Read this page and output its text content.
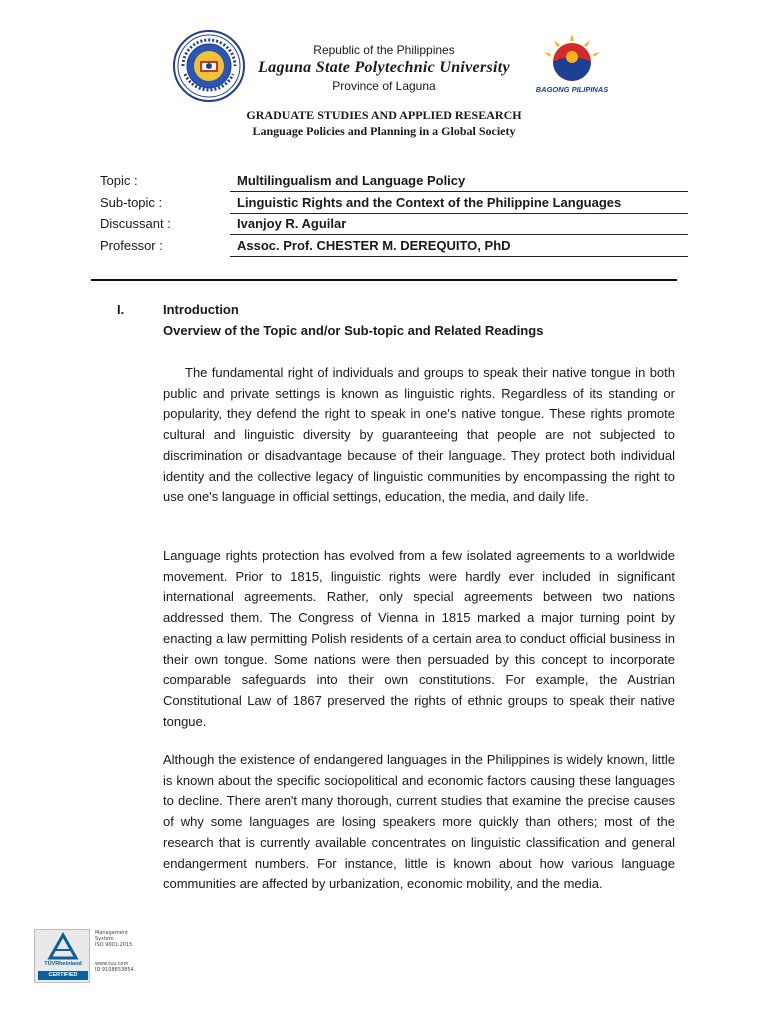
BAGONG PILIPINAS
Republic of the Philippines
Laguna State Polytechnic University
Province of Laguna
GRADUATE STUDIES AND APPLIED RESEARCH
Language Policies and Planning in a Global Society
Topic :	Multilingualism and Language Policy
Sub-topic :	Linguistic Rights and the Context of the Philippine Languages
Discussant :	Ivanjoy R. Aguilar
Professor :	Assoc. Prof. CHESTER M. DEREQUITO, PhD
I.	Introduction
Overview of the Topic and/or Sub-topic and Related Readings

The fundamental right of individuals and groups to speak their native tongue in both public and private settings is known as linguistic rights. Regardless of its standing or popularity, they defend the right to speak in one's native tongue. These rights promote cultural and linguistic diversity by guaranteeing that people are not subjected to discrimination or disadvantage because of their language. They protect both individual identity and the collective legacy of linguistic communities by encompassing the right to use one's language in official settings, education, the media, and daily life.

Language rights protection has evolved from a few isolated agreements to a worldwide movement. Prior to 1815, linguistic rights were hardly ever included in significant international agreements. Rather, only special agreements between two nations addressed them. The Congress of Vienna in 1815 marked a major turning point by enacting a law permitting Polish residents of a certain area to conduct official business in their own tongue. Some nations were then persuaded by this concept to incorporate comparable safeguards into their own constitutions. For example, the Austrian Constitutional Law of 1867 preserved the rights of ethnic groups to speak their native tongue.

Although the existence of endangered languages in the Philippines is widely known, little is known about the specific sociopolitical and economic factors causing these languages to decline. There aren't many thorough, current studies that examine the precise causes of why some languages are losing speakers more quickly than others; most of the research that is currently available concentrates on linguistic classification and general endangerment numbers. For instance, little is known about how various language communities are affected by urbanization, economic mobility, and the media.

TÜVRheinland
CERTIFIED
Management
System
ISO 9001:2015

www.tuv.com
ID 9108653854
